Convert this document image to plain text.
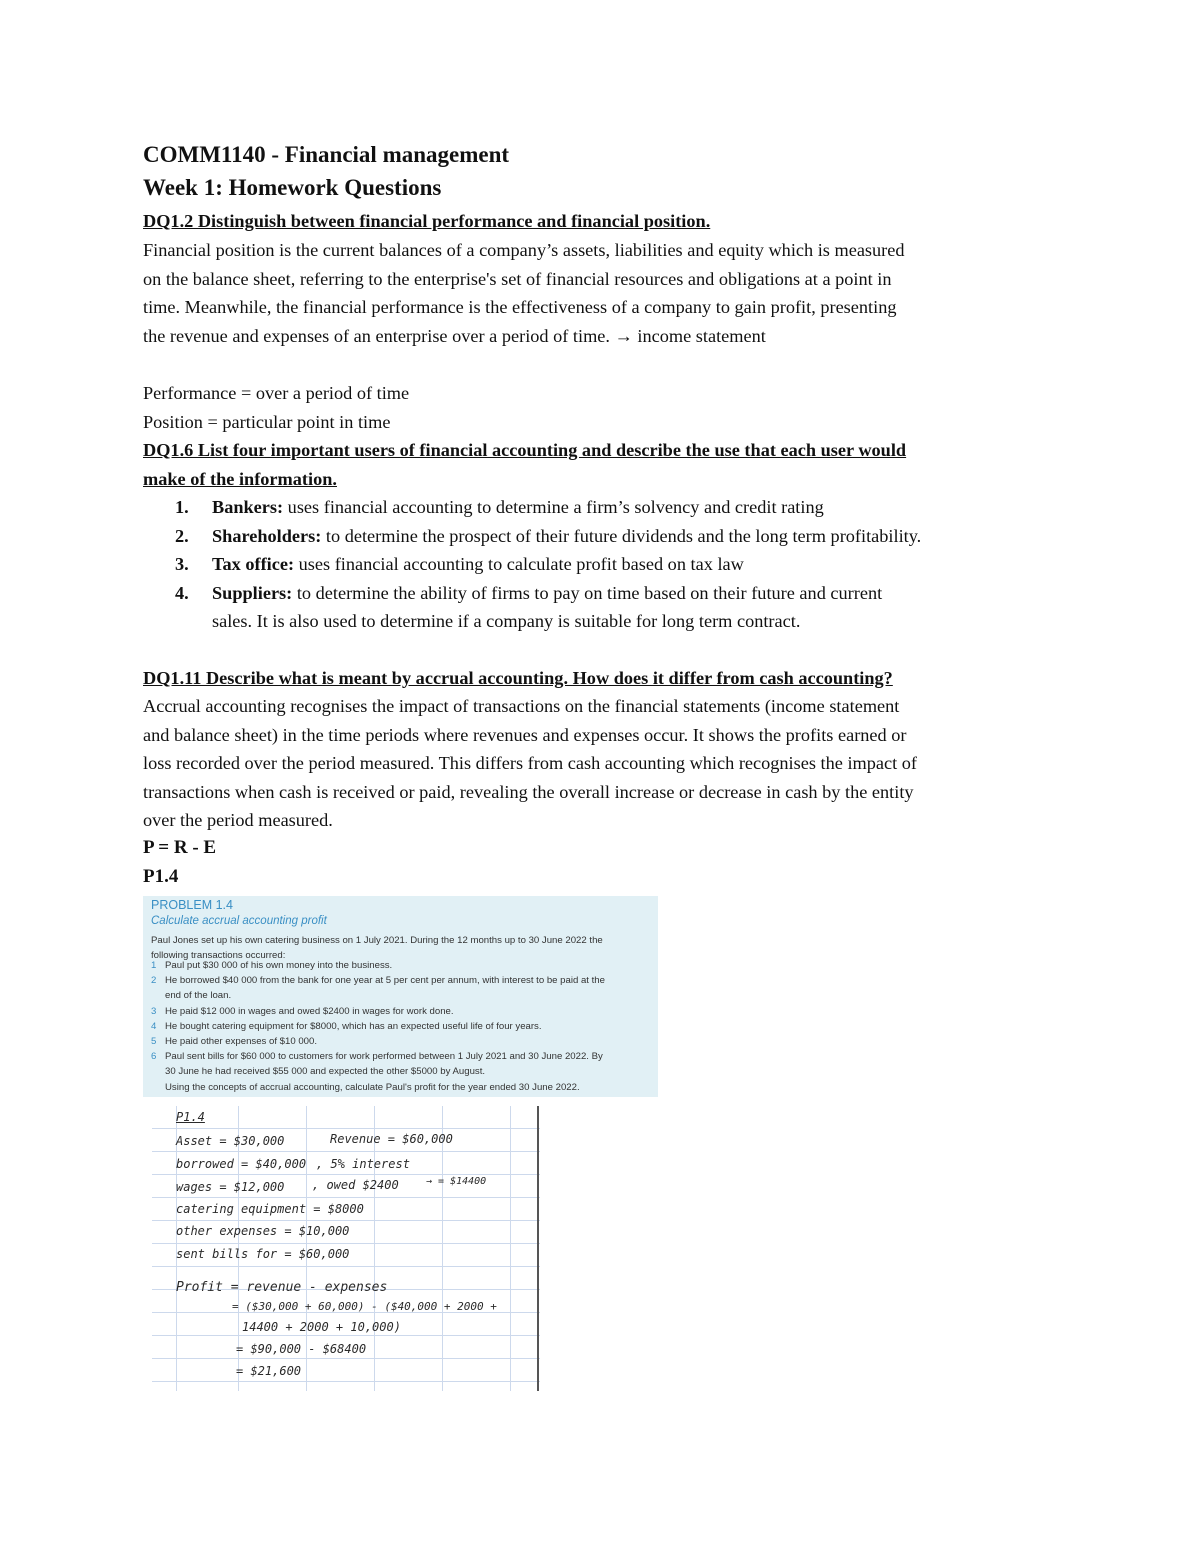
COMM1140 - Financial management
Week 1: Homework Questions
DQ1.2 Distinguish between financial performance and financial position.
Financial position is the current balances of a company’s assets, liabilities and equity which is measured
on the balance sheet, referring to the enterprise's set of financial resources and obligations at a point in
time. Meanwhile, the financial performance is the effectiveness of a company to gain profit, presenting
the revenue and expenses of an enterprise over a period of time. → income statement
Performance = over a period of time
Position = particular point in time
DQ1.6 List four important users of financial accounting and describe the use that each user would
make of the information.
1. Bankers: uses financial accounting to determine a firm’s solvency and credit rating
2. Shareholders: to determine the prospect of their future dividends and the long term profitability.
3. Tax office: uses financial accounting to calculate profit based on tax law
4. Suppliers: to determine the ability of firms to pay on time based on their future and current
sales. It is also used to determine if a company is suitable for long term contract.
DQ1.11 Describe what is meant by accrual accounting. How does it differ from cash accounting?
Accrual accounting recognises the impact of transactions on the financial statements (income statement
and balance sheet) in the time periods where revenues and expenses occur. It shows the profits earned or
loss recorded over the period measured. This differs from cash accounting which recognises the impact of
transactions when cash is received or paid, revealing the overall increase or decrease in cash by the entity
over the period measured.
P = R - E
P1.4
PROBLEM 1.4
Calculate accrual accounting profit
Paul Jones set up his own catering business on 1 July 2021. During the 12 months up to 30 June 2022 the
following transactions occurred:
1 Paul put $30 000 of his own money into the business.
2 He borrowed $40 000 from the bank for one year at 5 per cent per annum, with interest to be paid at the
end of the loan.
3 He paid $12 000 in wages and owed $2400 in wages for work done.
4 He bought catering equipment for $8000, which has an expected useful life of four years.
5 He paid other expenses of $10 000.
6 Paul sent bills for $60 000 to customers for work performed between 1 July 2021 and 30 June 2022. By
30 June he had received $55 000 and expected the other $5000 by August.
Using the concepts of accrual accounting, calculate Paul's profit for the year ended 30 June 2022.
P1.4
Asset = $30,000	Revenue = $60,000
borrowed = $40,000 , 5% interest
wages = $12,000 , owed $2400	→ = $14400
catering equipment = $8000
other expenses = $10,000
sent bills for = $60,000
Profit = revenue - expenses
= ($30,000 + 60,000) - ($40,000 + 2000 +
14400 + 2000 + 10,000)
= $90,000 - $68400
= $21,600
